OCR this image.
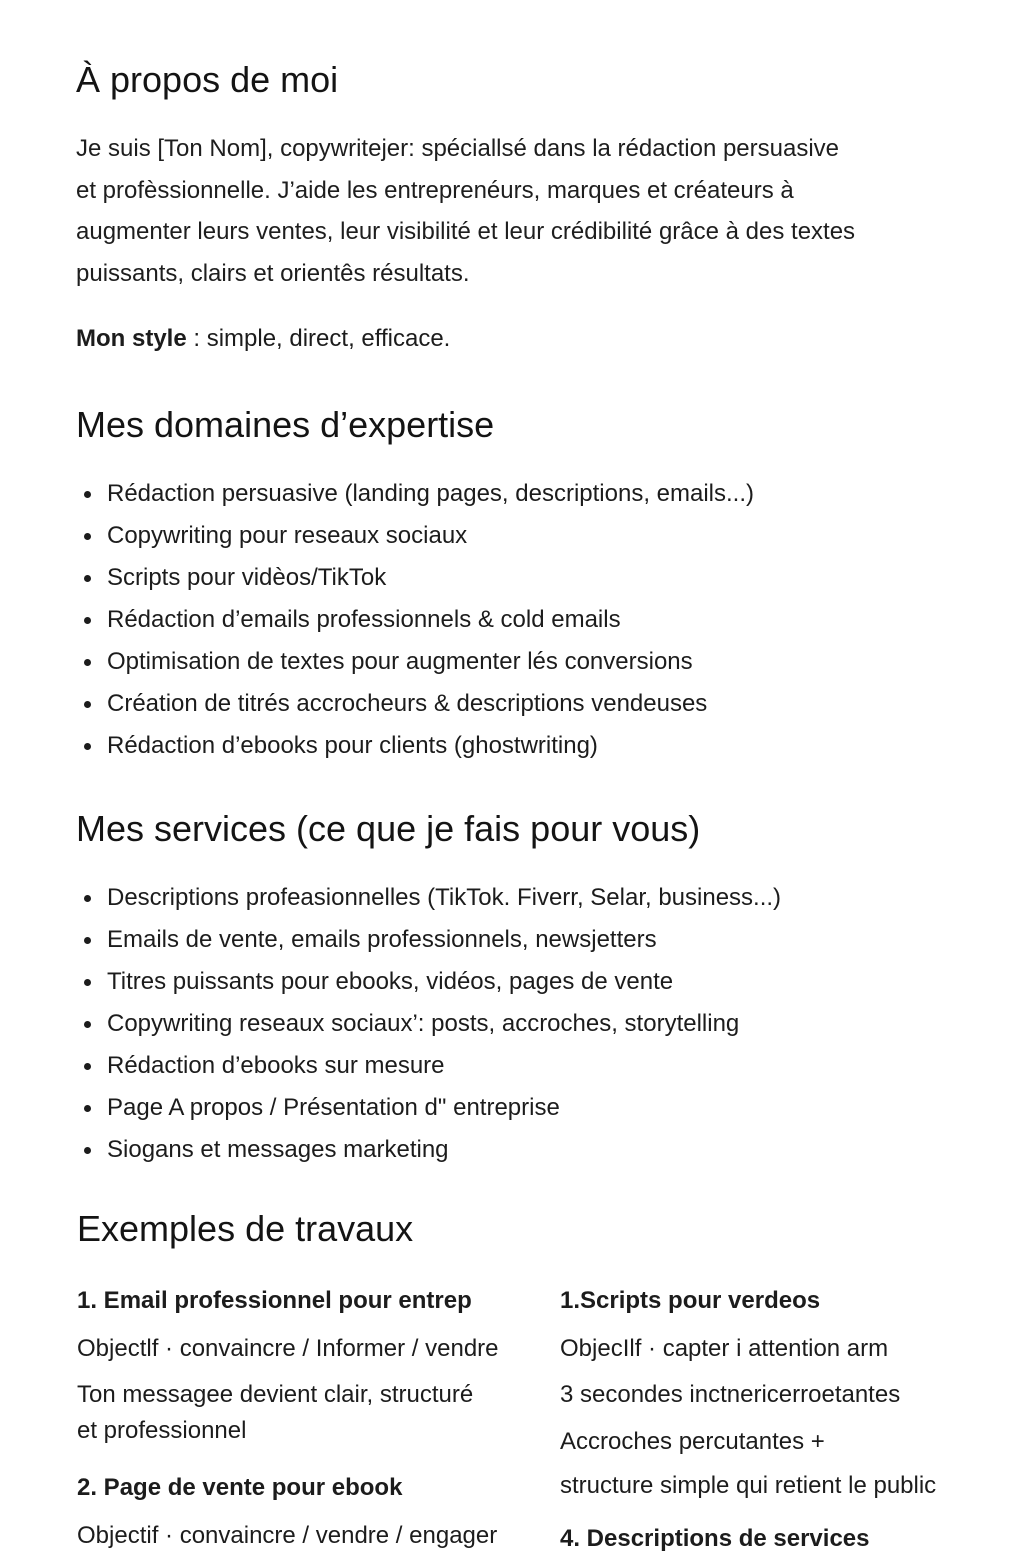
À propos de moi

Je suis [Ton Nom], copywritejer: spéciallsé dans la rédaction persuasive
et profèssionnelle. J’aide les entreprenéurs, marques et créateurs à
augmenter leurs ventes, leur visibilité et leur crédibilité grâce à des textes
puissants, clairs et orientês résultats.

Mon style : simple, direct, efficace.
Mes domaines d’expertise
Rédaction persuasive (landing pages, descriptions, emails...)
Copywriting pour reseaux sociaux
Scripts pour vidèos/TikTok
Rédaction d’emails professionnels & cold emails
Optimisation de textes pour augmenter lés conversions
Création de titrés accrocheurs & descriptions vendeuses
Rédaction d’ebooks pour clients (ghostwriting)
Mes services (ce que je fais pour vous)
Descriptions profeasionnelles (TikTok. Fiverr, Selar, business...)
Emails de vente, emails professionnels, newsjetters
Titres puissants pour ebooks, vidéos, pages de vente
Copywriting reseaux sociaux’: posts, accroches, storytelling
Rédaction d’ebooks sur mesure
Page A propos / Présentation d" entreprise
Siogans et messages marketing
Exemples de travaux
1. Email professionnel pour entrep
Objectlf · convaincre / Informer / vendre
Ton messagee devient clair, structuré
et professionnel
2. Page de vente pour ebook
Objectif · convaincre / vendre / engager
1.Scripts pour verdeos
ObjecIlf · capter i attention arm
3 secondes inctnericerroetantes
Accroches percutantes +
structure simple qui retient le public
4. Descriptions de services
